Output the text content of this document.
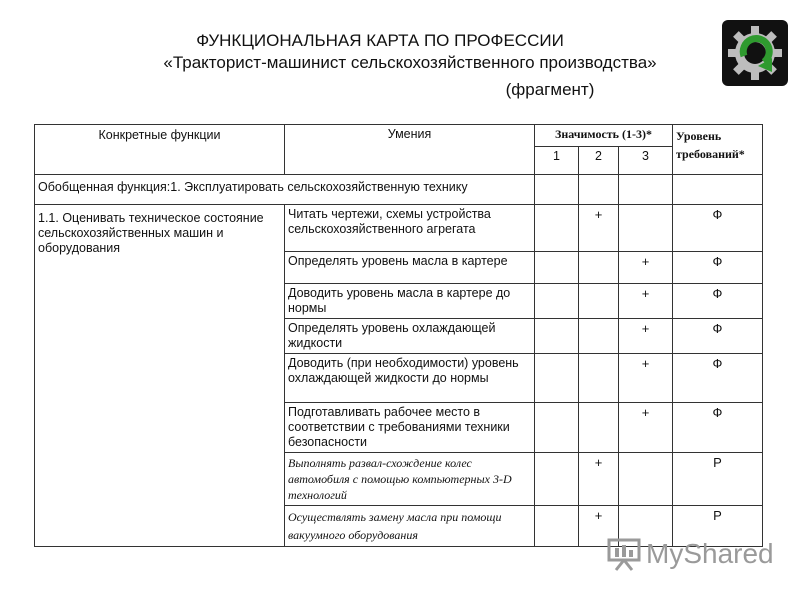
ФУНКЦИОНАЛЬНАЯ КАРТА ПО ПРОФЕССИИ
«Тракторист-машинист сельскохозяйственного производства»
(фрагмент)
Конкретные функции	Умения	Значимость (1-3)*			Уровень требований*
		1	2	3	
Обобщенная функция:1. Эксплуатировать сельскохозяйственную технику					
1.1. Оценивать техническое состояние сельскохозяйственных машин и оборудования	Читать чертежи, схемы устройства сельскохозяйственного агрегата		+		Ф
	Определять уровень масла в картере			+	Ф
	Доводить уровень масла в картере до нормы			+	Ф
	Определять уровень охлаждающей жидкости			+	Ф
	Доводить (при необходимости) уровень охлаждающей жидкости до нормы			+	Ф
	Подготавливать рабочее место в соответствии с требованиями техники безопасности			+	Ф
	Выполнять развал-схождение колес автомобиля с помощью компьютерных 3-D технологий		+		Р
	Осуществлять замену масла при помощи вакуумного оборудования		+		Р
MyShared
